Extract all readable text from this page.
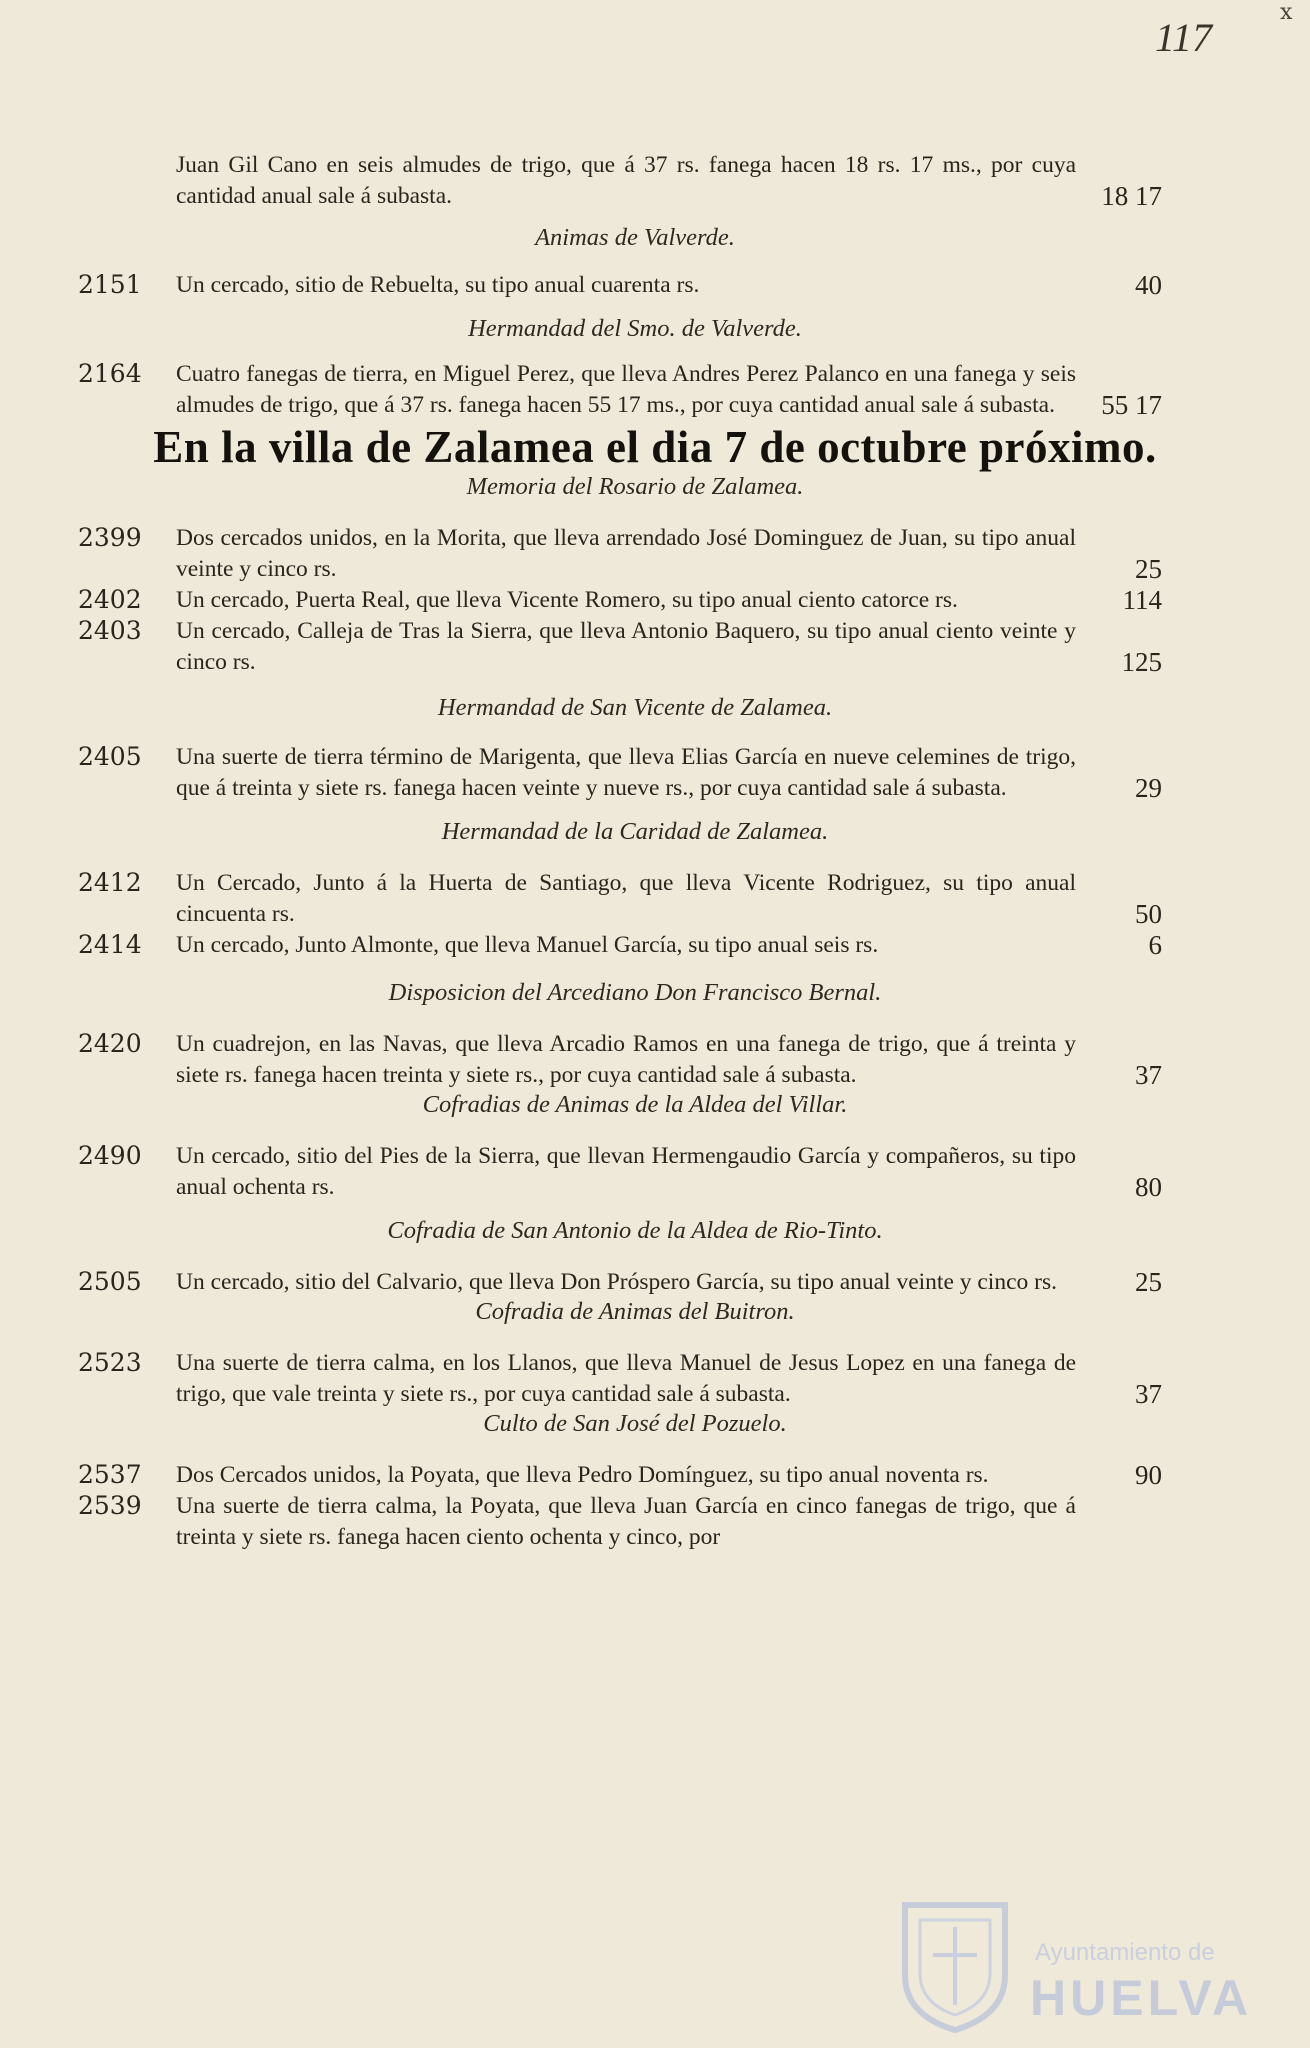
117
x
Juan Gil Cano en seis almudes de trigo, que á 37 rs. fanega hacen 18 rs. 17 ms., por cuya cantidad anual sale á subasta.	18 17
Animas de Valverde.
2151	Un cercado, sitio de Rebuelta, su tipo anual cuarenta rs.	40
Hermandad del Smo. de Valverde.
2164	Cuatro fanegas de tierra, en Miguel Perez, que lleva Andres Perez Palanco en una fanega y seis almudes de trigo, que á 37 rs. fanega hacen 55 17 ms., por cuya cantidad anual sale á subasta.	55 17
En la villa de Zalamea el dia 7 de octubre próximo.
Memoria del Rosario de Zalamea.
2399	Dos cercados unidos, en la Morita, que lleva arrendado José Dominguez de Juan, su tipo anual veinte y cinco rs.	25
2402	Un cercado, Puerta Real, que lleva Vicente Romero, su tipo anual ciento catorce rs.	114
2403	Un cercado, Calleja de Tras la Sierra, que lleva Antonio Baquero, su tipo anual ciento veinte y cinco rs.	125
Hermandad de San Vicente de Zalamea.
2405	Una suerte de tierra término de Marigenta, que lleva Elias García en nueve celemines de trigo, que á treinta y siete rs. fanega hacen veinte y nueve rs., por cuya cantidad sale á subasta.	29
Hermandad de la Caridad de Zalamea.
2412	Un Cercado, Junto á la Huerta de Santiago, que lleva Vicente Rodriguez, su tipo anual cincuenta rs.	50
2414	Un cercado, Junto Almonte, que lleva Manuel García, su tipo anual seis rs.	6
Disposicion del Arcediano Don Francisco Bernal.
2420	Un cuadrejon, en las Navas, que lleva Arcadio Ramos en una fanega de trigo, que á treinta y siete rs. fanega hacen treinta y siete rs., por cuya cantidad sale á subasta.	37
Cofradias de Animas de la Aldea del Villar.
2490	Un cercado, sitio del Pies de la Sierra, que llevan Hermengaudio García y compañeros, su tipo anual ochenta rs.	80
Cofradia de San Antonio de la Aldea de Rio-Tinto.
2505	Un cercado, sitio del Calvario, que lleva Don Próspero García, su tipo anual veinte y cinco rs.	25
Cofradia de Animas del Buitron.
2523	Una suerte de tierra calma, en los Llanos, que lleva Manuel de Jesus Lopez en una fanega de trigo, que vale treinta y siete rs., por cuya cantidad sale á subasta.	37
Culto de San José del Pozuelo.
2537	Dos Cercados unidos, la Poyata, que lleva Pedro Domínguez, su tipo anual noventa rs.	90
2539	Una suerte de tierra calma, la Poyata, que lleva Juan García en cinco fanegas de trigo, que á treinta y siete rs. fanega hacen ciento ochenta y cinco, por
Ayuntamiento de
HUELVA
